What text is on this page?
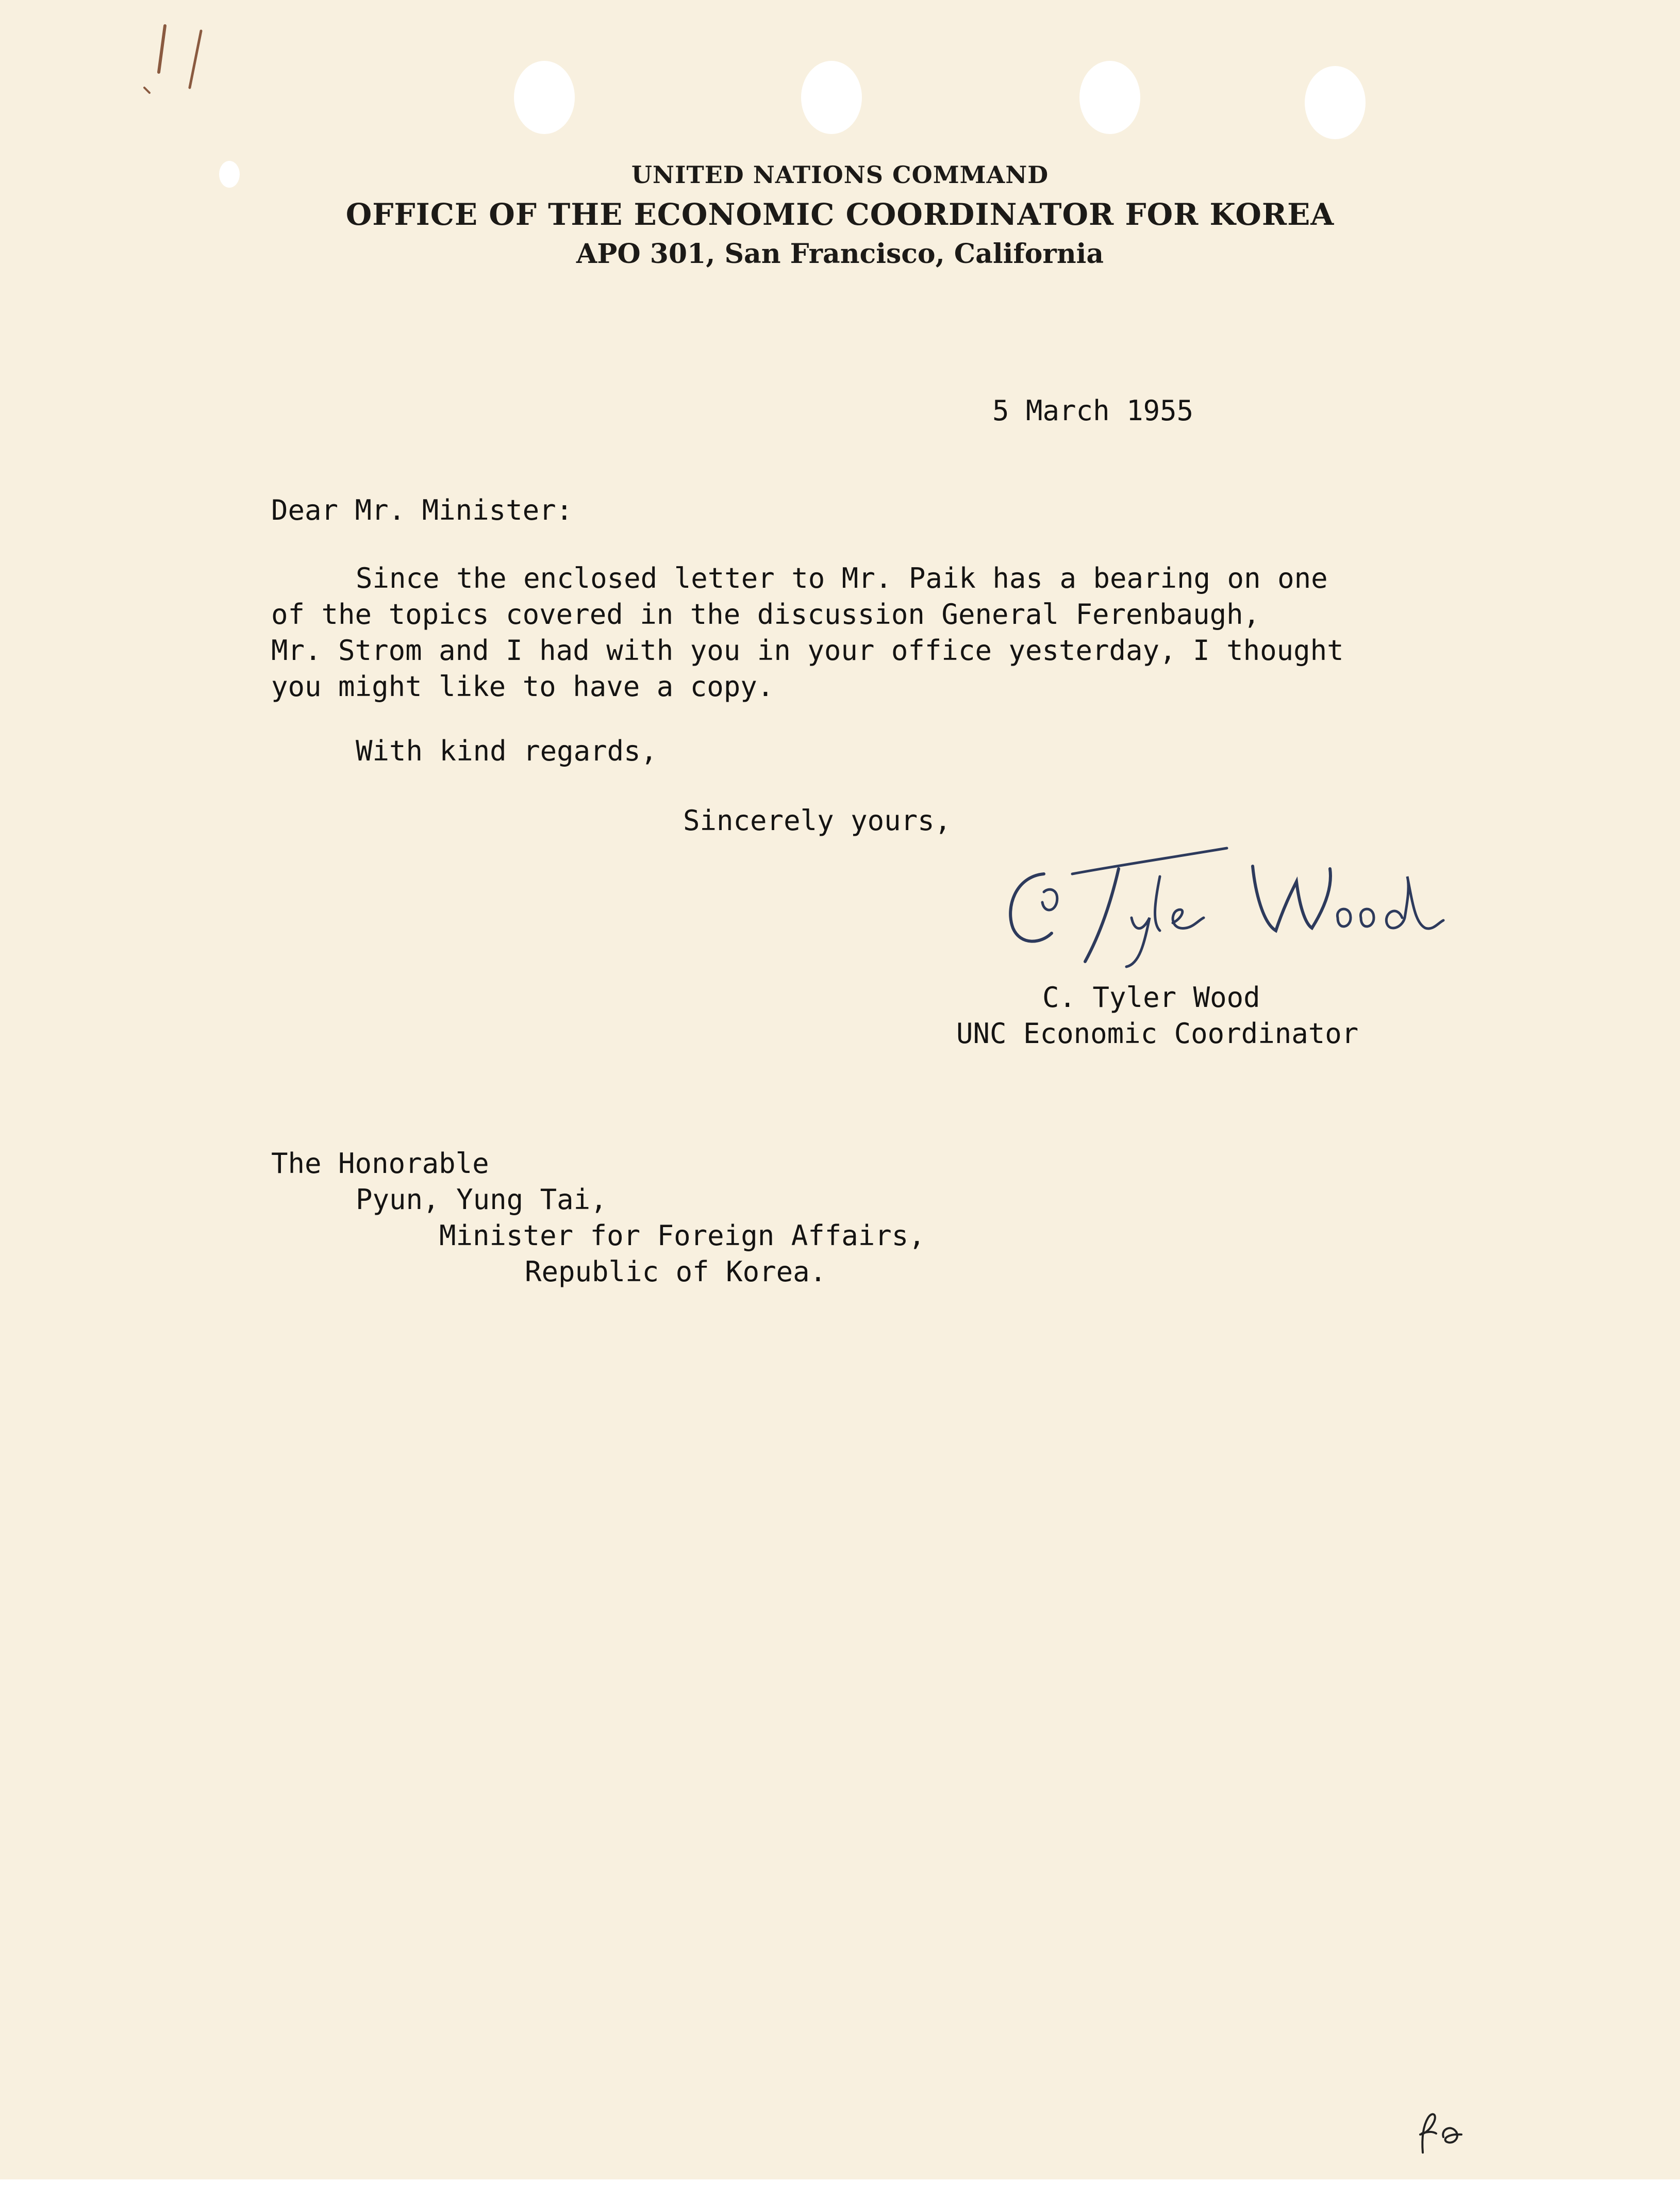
UNITED NATIONS COMMAND
OFFICE OF THE ECONOMIC COORDINATOR FOR KOREA
APO 301, San Francisco, California
5 March 1955
Dear Mr. Minister:
Since the enclosed letter to Mr. Paik has a bearing on one
of the topics covered in the discussion General Ferenbaugh,
Mr. Strom and I had with you in your office yesterday, I thought
you might like to have a copy.
With kind regards,
Sincerely yours,
C. Tyler Wood
UNC Economic Coordinator
The Honorable
Pyun, Yung Tai,
Minister for Foreign Affairs,
Republic of Korea.
